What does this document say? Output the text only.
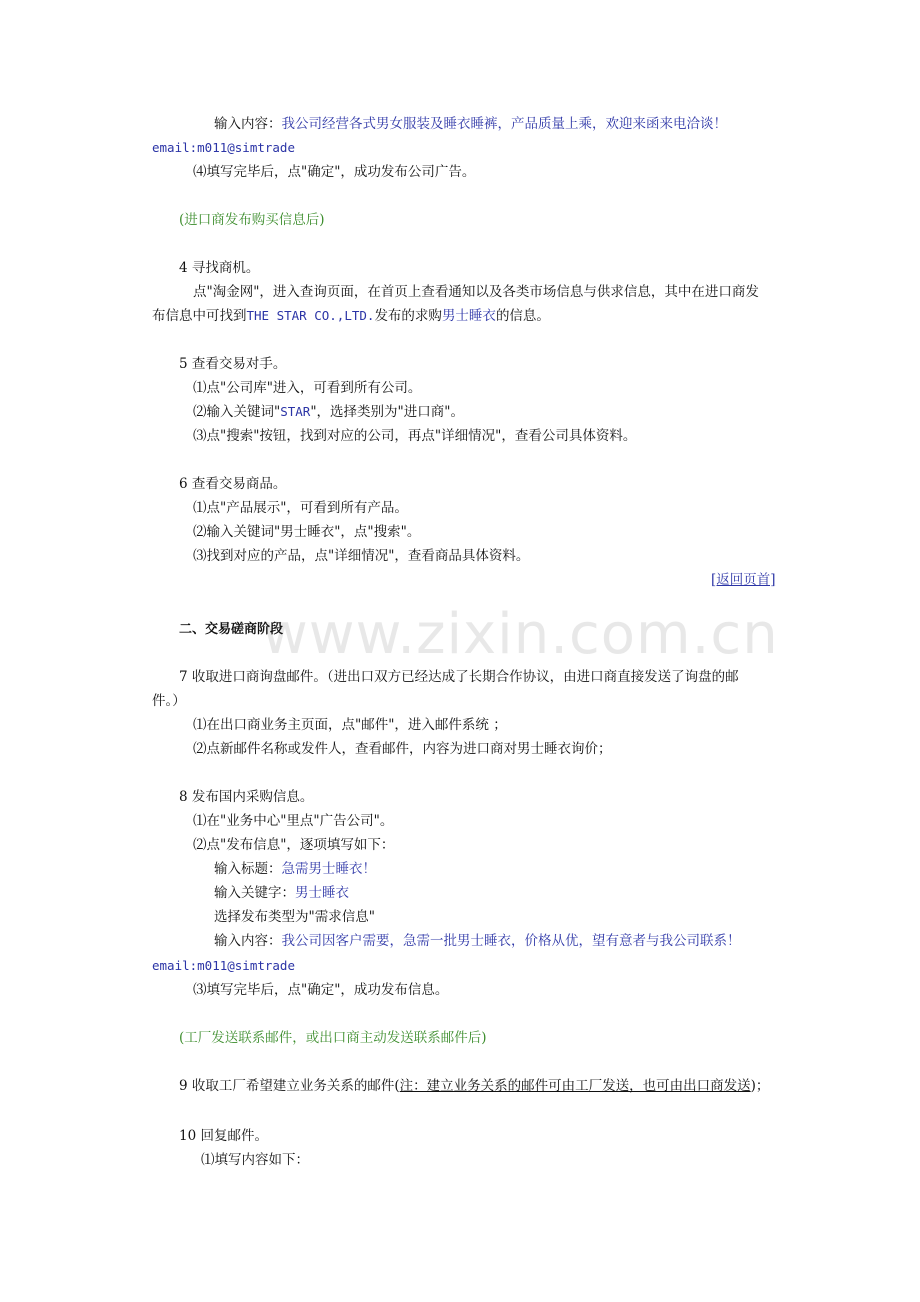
www.zixin.com.cn
输入内容：我公司经营各式男女服装及睡衣睡裤，产品质量上乘，欢迎来函来电洽谈！
email:m011@simtrade
⑷填写完毕后，点"确定"，成功发布公司广告。
(进口商发布购买信息后)
4 寻找商机。
点"淘金网"，进入查询页面，在首页上查看通知以及各类市场信息与供求信息，其中在进口商发
布信息中可找到THE STAR CO.,LTD.发布的求购男士睡衣的信息。
5 查看交易对手。
⑴点"公司库"进入，可看到所有公司。
⑵输入关键词"STAR"，选择类别为"进口商"。
⑶点"搜索"按钮，找到对应的公司，再点"详细情况"，查看公司具体资料。
6 查看交易商品。
⑴点"产品展示"，可看到所有产品。
⑵输入关键词"男士睡衣"，点"搜索"。
⑶找到对应的产品，点"详细情况"，查看商品具体资料。
[返回页首]
二、交易磋商阶段
7 收取进口商询盘邮件。（进出口双方已经达成了长期合作协议，由进口商直接发送了询盘的邮
件。）
⑴在出口商业务主页面，点"邮件"，进入邮件系统 ；
⑵点新邮件名称或发件人，查看邮件，内容为进口商对男士睡衣询价；
8 发布国内采购信息。
⑴在"业务中心"里点"广告公司"。
⑵点"发布信息"，逐项填写如下：
输入标题：急需男士睡衣！
输入关键字：男士睡衣
选择发布类型为"需求信息"
输入内容：我公司因客户需要，急需一批男士睡衣，价格从优，望有意者与我公司联系！
email:m011@simtrade
⑶填写完毕后，点"确定"，成功发布信息。
(工厂发送联系邮件，或出口商主动发送联系邮件后)
9 收取工厂希望建立业务关系的邮件(注：建立业务关系的邮件可由工厂发送，也可由出口商发送)；
10 回复邮件。
⑴填写内容如下：
